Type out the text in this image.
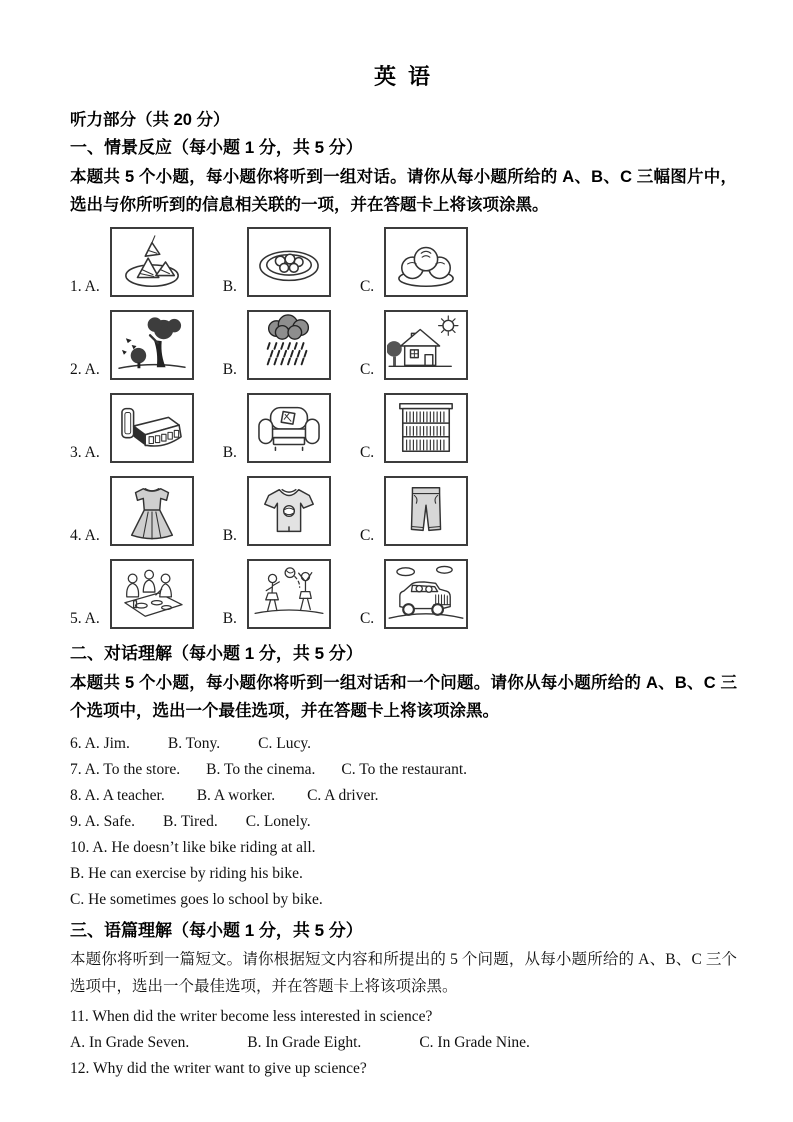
英 语

听力部分（共 20 分）

一、情景反应（每小题 1 分，共 5 分）

本题共 5 个小题，每小题你将听到一组对话。请你从每小题所给的 A、B、C 三幅图片中，选出与你所听到的信息相关联的一项，并在答题卡上将该项涂黑。

1. A.	B.	C.
2. A.	B.	C.
3. A.	B.	C.
4. A.	B.	C.
5. A.	B.	C.

二、对话理解（每小题 1 分，共 5 分）

本题共 5 个小题，每小题你将听到一组对话和一个问题。请你从每小题所给的 A、B、C 三个选项中，选出一个最佳选项，并在答题卡上将该项涂黑。

6. A. Jim. B. Tony. C. Lucy.
7. A. To the store. B. To the cinema. C. To the restaurant.
8. A. A teacher. B. A worker. C. A driver.
9. A. Safe. B. Tired. C. Lonely.
10. A. He doesn’t like bike riding at all.
B. He can exercise by riding his bike.
C. He sometimes goes lo school by bike.

三、语篇理解（每小题 1 分，共 5 分）

本题你将听到一篇短文。请你根据短文内容和所提出的 5 个问题，从每小题所给的 A、B、C 三个选项中，选出一个最佳选项，并在答题卡上将该项涂黑。

11. When did the writer become less interested in science?
A. In Grade Seven.	B. In Grade Eight.	C. In Grade Nine.
12. Why did the writer want to give up science?
